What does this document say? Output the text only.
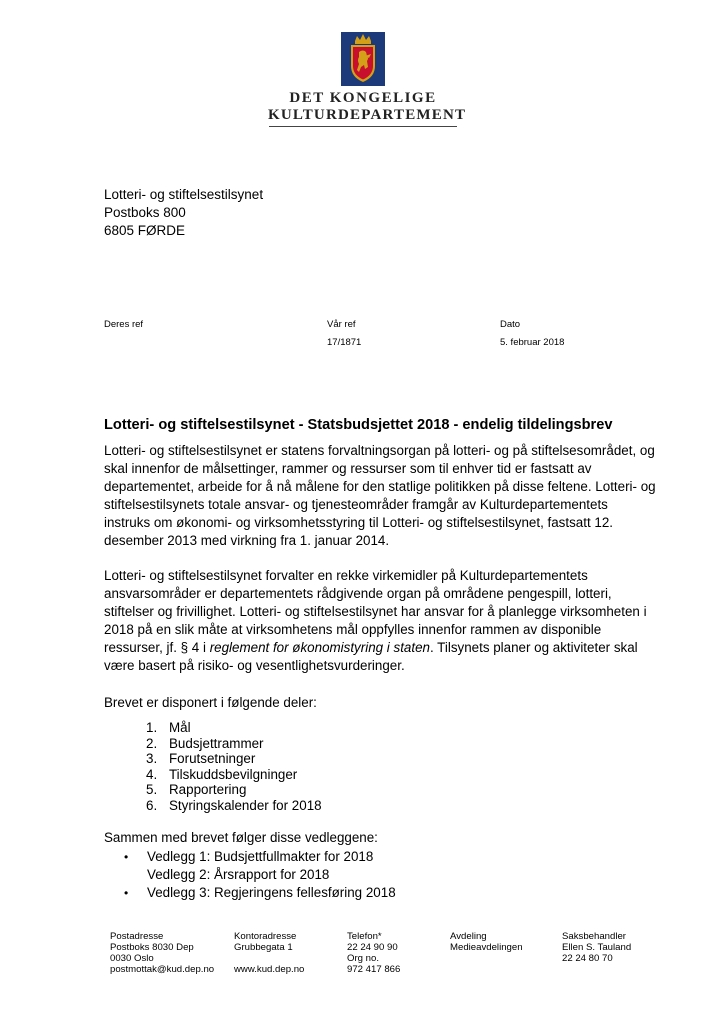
DET KONGELIGE
KULTURDEPARTEMENT
Lotteri- og stiftelsestilsynet
Postboks 800
6805 FØRDE
Deres ref	Vår ref
17/1871
Dato
5. februar 2018
Lotteri- og stiftelsestilsynet - Statsbudsjettet 2018 - endelig tildelingsbrev
Lotteri- og stiftelsestilsynet er statens forvaltningsorgan på lotteri- og på stiftelsesområdet, og
skal innenfor de målsettinger, rammer og ressurser som til enhver tid er fastsatt av
departementet, arbeide for å nå målene for den statlige politikken på disse feltene. Lotteri- og
stiftelsestilsynets totale ansvar- og tjenesteområder framgår av Kulturdepartementets
instruks om økonomi- og virksomhetsstyring til Lotteri- og stiftelsestilsynet, fastsatt 12.
desember 2013 med virkning fra 1. januar 2014.
Lotteri- og stiftelsestilsynet forvalter en rekke virkemidler på Kulturdepartementets
ansvarsområder er departementets rådgivende organ på områdene pengespill, lotteri,
stiftelser og frivillighet. Lotteri- og stiftelsestilsynet har ansvar for å planlegge virksomheten i
2018 på en slik måte at virksomhetens mål oppfylles innenfor rammen av disponible
ressurser, jf. § 4 i reglement for økonomistyring i staten. Tilsynets planer og aktiviteter skal
være basert på risiko- og vesentlighetsvurderinger.
Brevet er disponert i følgende deler:
1. Mål
2. Budsjettrammer
3. Forutsetninger
4. Tilskuddsbevilgninger
5. Rapportering
6. Styringskalender for 2018
Sammen med brevet følger disse vedleggene:
• Vedlegg 1: Budsjettfullmakter for 2018
Vedlegg 2: Årsrapport for 2018
• Vedlegg 3: Regjeringens fellesføring 2018
Postadresse
Postboks 8030 Dep
0030 Oslo
postmottak@kud.dep.no
Kontoradresse
Grubbegata 1
www.kud.dep.no
Telefon*
22 24 90 90
Org no.
972 417 866
Avdeling
Medieavdelingen
Saksbehandler
Ellen S. Tauland
22 24 80 70
